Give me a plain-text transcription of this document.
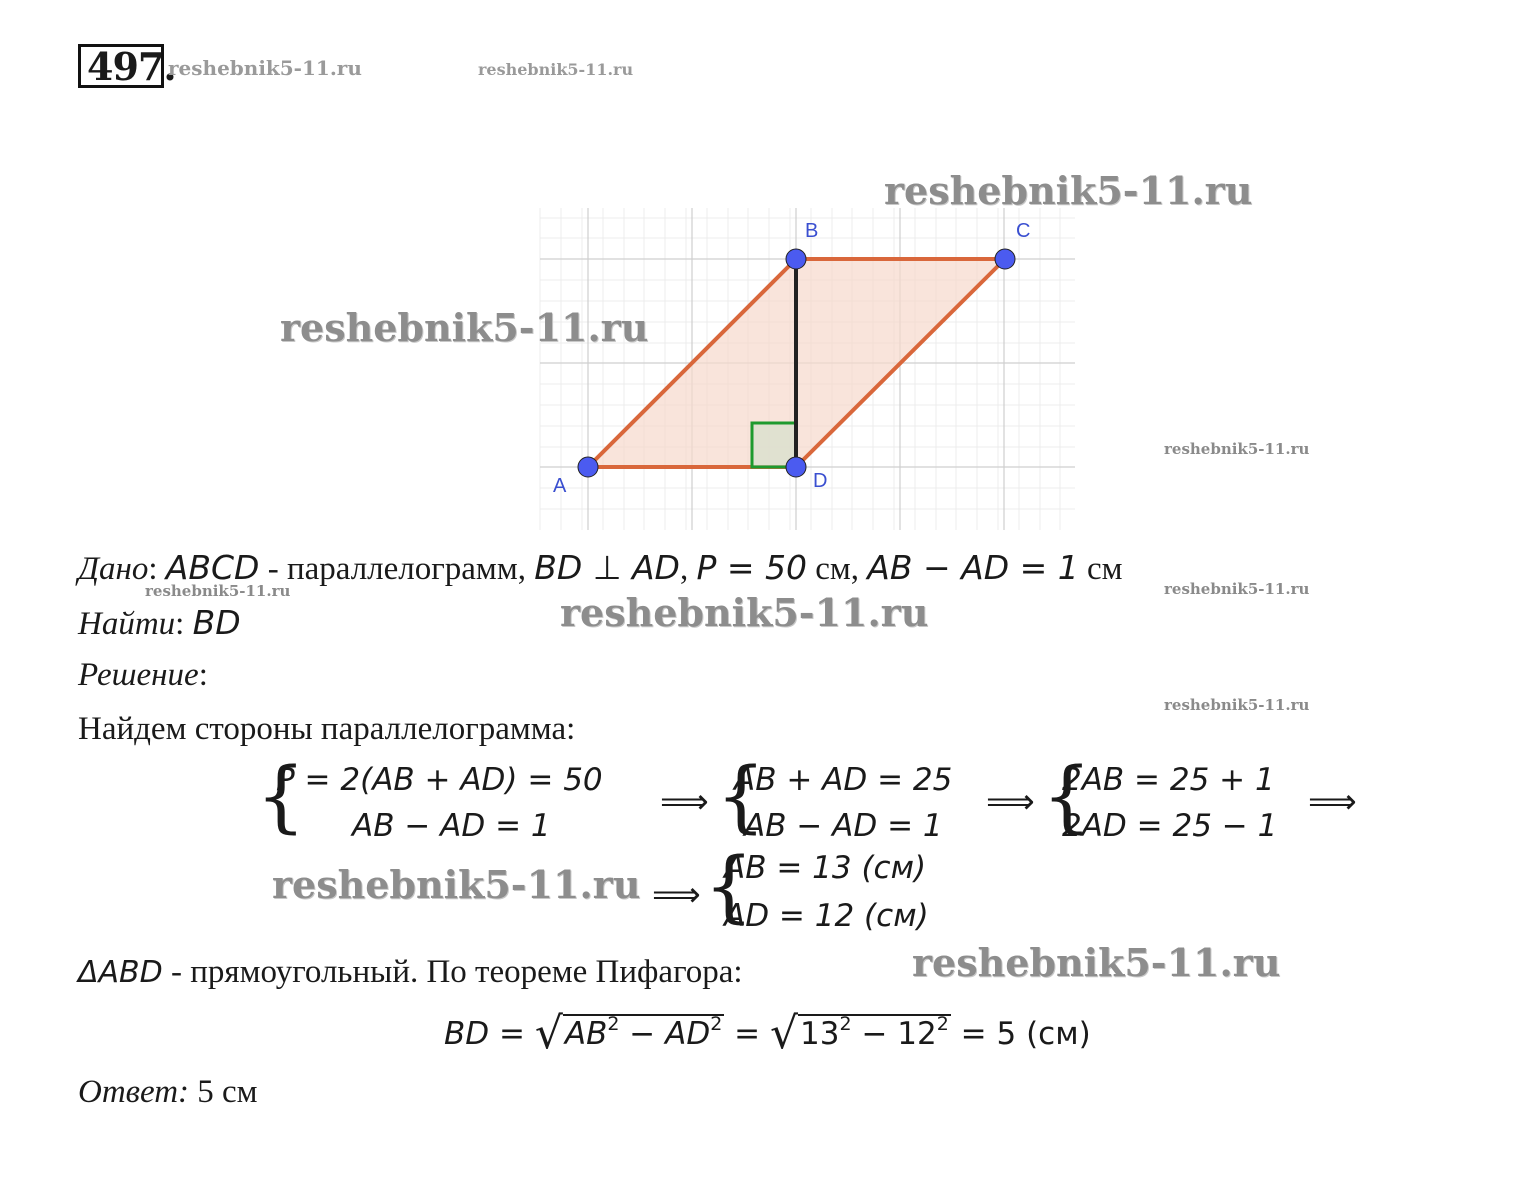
497.
reshebnik5-11.ru	reshebnik5-11.ru
A
B	C
D
reshebnik5-11.ru
reshebnik5-11.ru
reshebnik5-11.ru
Дано: ABCD - параллелограмм, BD ⊥ AD, P = 50 см, AB − AD = 1 см
reshebnik5-11.ru	reshebnik5-11.ru
Найти: BD	reshebnik5-11.ru
Решение:
reshebnik5-11.ru
Найдем стороны параллелограмма:
{
P = 2(AB + AD) = 50
AB − AD = 1
⟹ {
AB + AD = 25
AB − AD = 1
⟹ {
2AB = 25 + 1
2AD = 25 − 1
⟹
reshebnik5-11.ru ⟹ {
AB = 13 (см)
AD = 12 (см)
ΔABD - прямоугольный. По теореме Пифагора:	reshebnik5-11.ru
BD = $√AB^2 - AD^2 = √13^2 - 12^2 = 5$ (см)
Ответ: 5 см
